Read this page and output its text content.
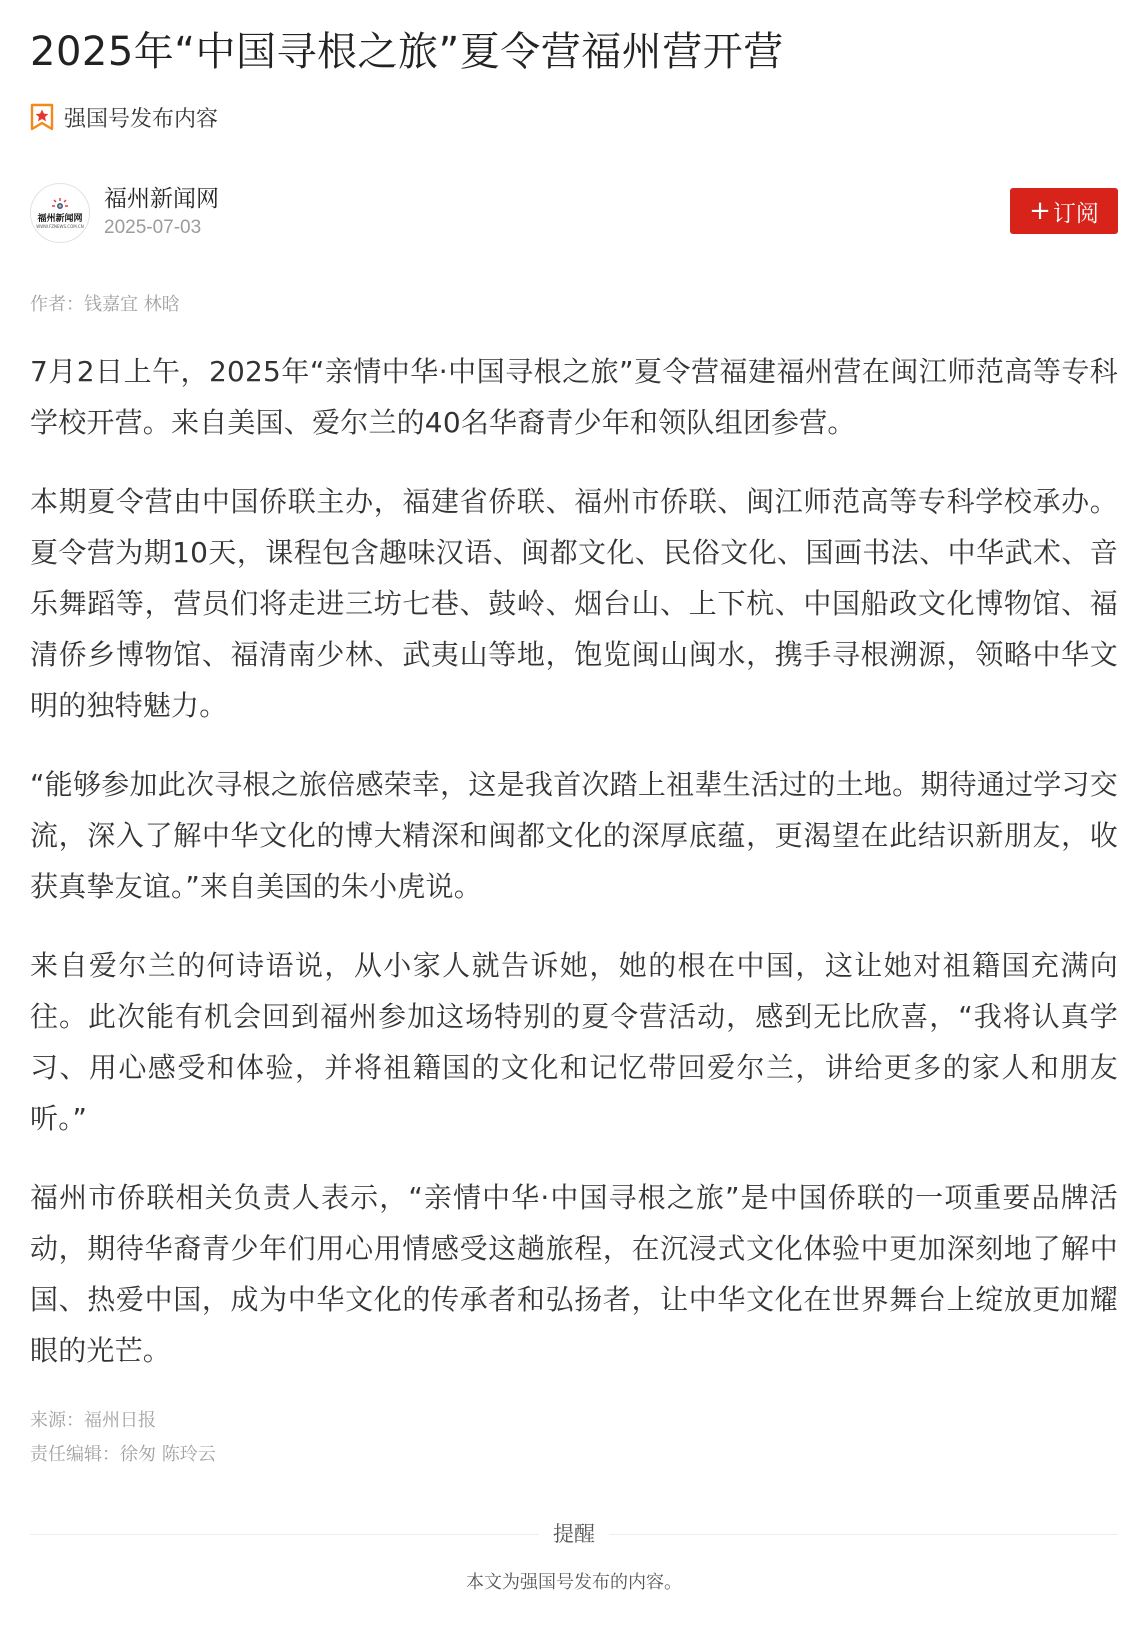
2025年“中国寻根之旅”夏令营福州营开营
强国号发布内容
福州新闻网
WWW.FZNEWS.COM.CN
福州新闻网
2025-07-03
+ 订阅
作者：钱嘉宜 林晗

7月2日上午，2025年“亲情中华·中国寻根之旅”夏令营福建福州营在闽江师范高等专科学校开营。来自美国、爱尔兰的40名华裔青少年和领队组团参营。

本期夏令营由中国侨联主办，福建省侨联、福州市侨联、闽江师范高等专科学校承办。夏令营为期10天，课程包含趣味汉语、闽都文化、民俗文化、国画书法、中华武术、音乐舞蹈等，营员们将走进三坊七巷、鼓岭、烟台山、上下杭、中国船政文化博物馆、福清侨乡博物馆、福清南少林、武夷山等地，饱览闽山闽水，携手寻根溯源，领略中华文明的独特魅力。

“能够参加此次寻根之旅倍感荣幸，这是我首次踏上祖辈生活过的土地。期待通过学习交流，深入了解中华文化的博大精深和闽都文化的深厚底蕴，更渴望在此结识新朋友，收获真挚友谊。”来自美国的朱小虎说。

来自爱尔兰的何诗语说，从小家人就告诉她，她的根在中国，这让她对祖籍国充满向往。此次能有机会回到福州参加这场特别的夏令营活动，感到无比欣喜，“我将认真学习、用心感受和体验，并将祖籍国的文化和记忆带回爱尔兰，讲给更多的家人和朋友听。”

福州市侨联相关负责人表示，“亲情中华·中国寻根之旅”是中国侨联的一项重要品牌活动，期待华裔青少年们用心用情感受这趟旅程，在沉浸式文化体验中更加深刻地了解中国、热爱中国，成为中华文化的传承者和弘扬者，让中华文化在世界舞台上绽放更加耀眼的光芒。

来源：福州日报
责任编辑：徐匆 陈玲云
提醒
本文为强国号发布的内容。
